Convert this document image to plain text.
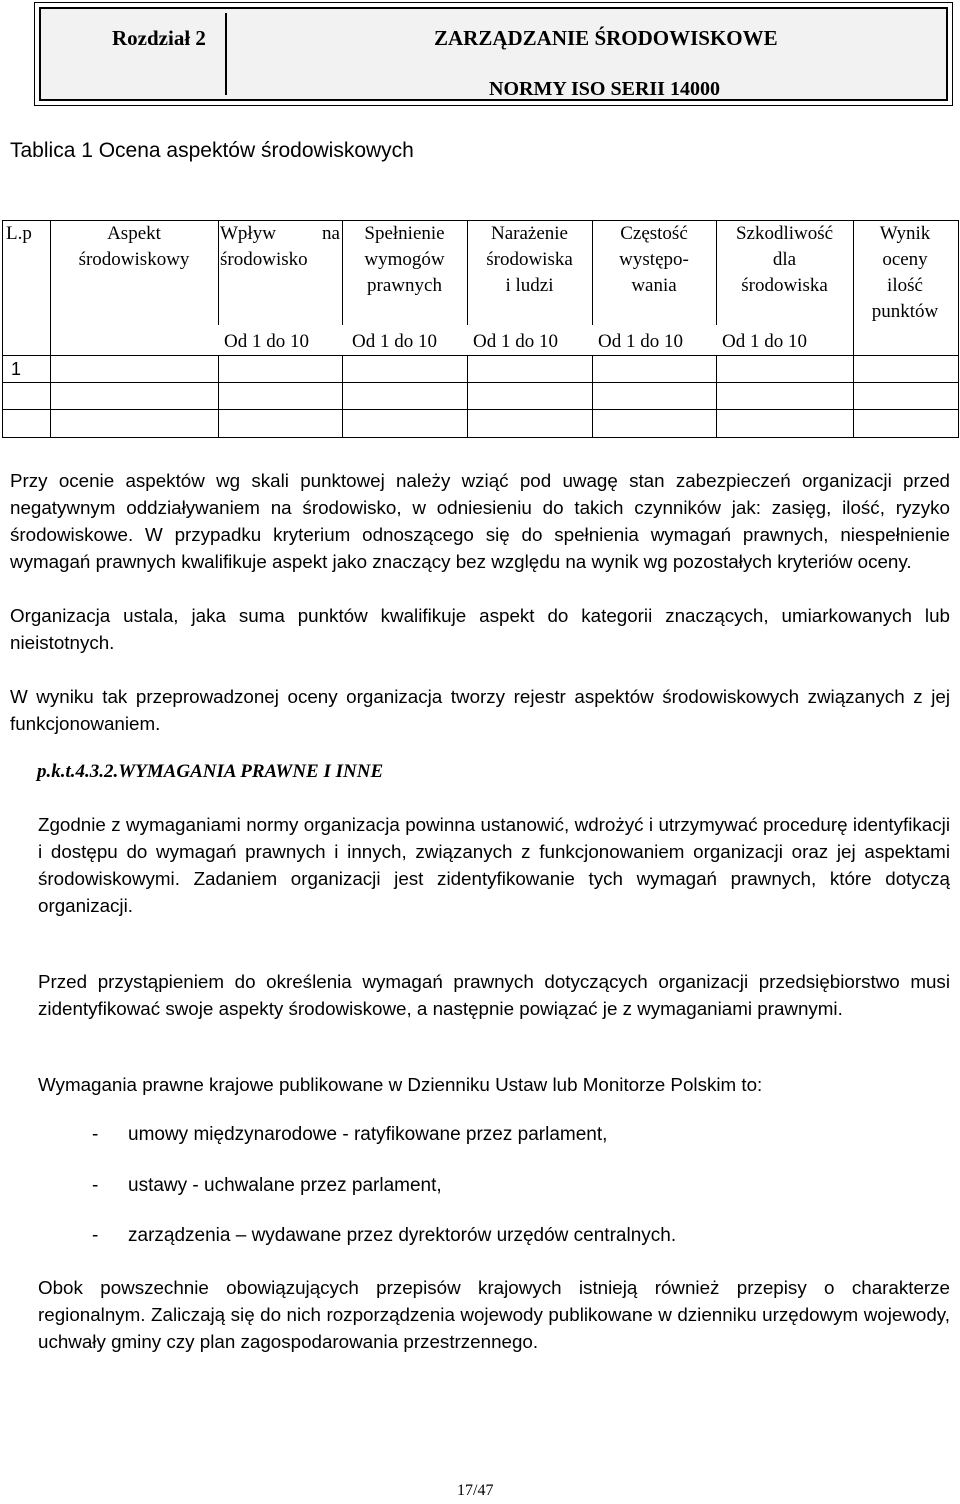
Rozdział 2	ZARZĄDZANIE ŚRODOWISKOWE
NORMY ISO SERII 14000
Tablica 1 Ocena aspektów środowiskowych
L.p	Aspekt
środowiskowy
Wpływ na
środowisko
Spełnienie
wymogów
prawnych
Narażenie
środowiska
i ludzi
Częstość
występo-
wania
Szkodliwość
dla
środowiska
Wynik
oceny
ilość
punktów
Od 1 do 10 Od 1 do 10 Od 1 do 10 Od 1 do 10 Od 1 do 10
1
Przy ocenie aspektów wg skali punktowej należy wziąć pod uwagę stan zabezpieczeń organizacji przed negatywnym oddziaływaniem na środowisko, w odniesieniu do takich czynników jak: zasięg, ilość, ryzyko środowiskowe. W przypadku kryterium odnoszącego się do spełnienia wymagań prawnych, niespełnienie wymagań prawnych kwalifikuje aspekt jako znaczący bez względu na wynik wg pozostałych kryteriów oceny.
Organizacja ustala, jaka suma punktów kwalifikuje aspekt do kategorii znaczących, umiarkowanych lub nieistotnych.
W wyniku tak przeprowadzonej oceny organizacja tworzy rejestr aspektów środowiskowych związanych z jej funkcjonowaniem.
p.k.t.4.3.2.WYMAGANIA PRAWNE I INNE
Zgodnie z wymaganiami normy organizacja powinna ustanowić, wdrożyć i utrzymywać procedurę identyfikacji i dostępu do wymagań prawnych i innych, związanych z funkcjonowaniem organizacji oraz jej aspektami środowiskowymi. Zadaniem organizacji jest zidentyfikowanie tych wymagań prawnych, które dotyczą organizacji.
Przed przystąpieniem do określenia wymagań prawnych dotyczących organizacji przedsiębiorstwo musi zidentyfikować swoje aspekty środowiskowe, a następnie powiązać je z wymaganiami prawnymi.
Wymagania prawne krajowe publikowane w Dzienniku Ustaw lub Monitorze Polskim to:
- umowy międzynarodowe - ratyfikowane przez parlament,
- ustawy - uchwalane przez parlament,
- zarządzenia – wydawane przez dyrektorów urzędów centralnych.
Obok powszechnie obowiązujących przepisów krajowych istnieją również przepisy o charakterze regionalnym. Zaliczają się do nich rozporządzenia wojewody publikowane w dzienniku urzędowym wojewody, uchwały gminy czy plan zagospodarowania przestrzennego.
17/47
